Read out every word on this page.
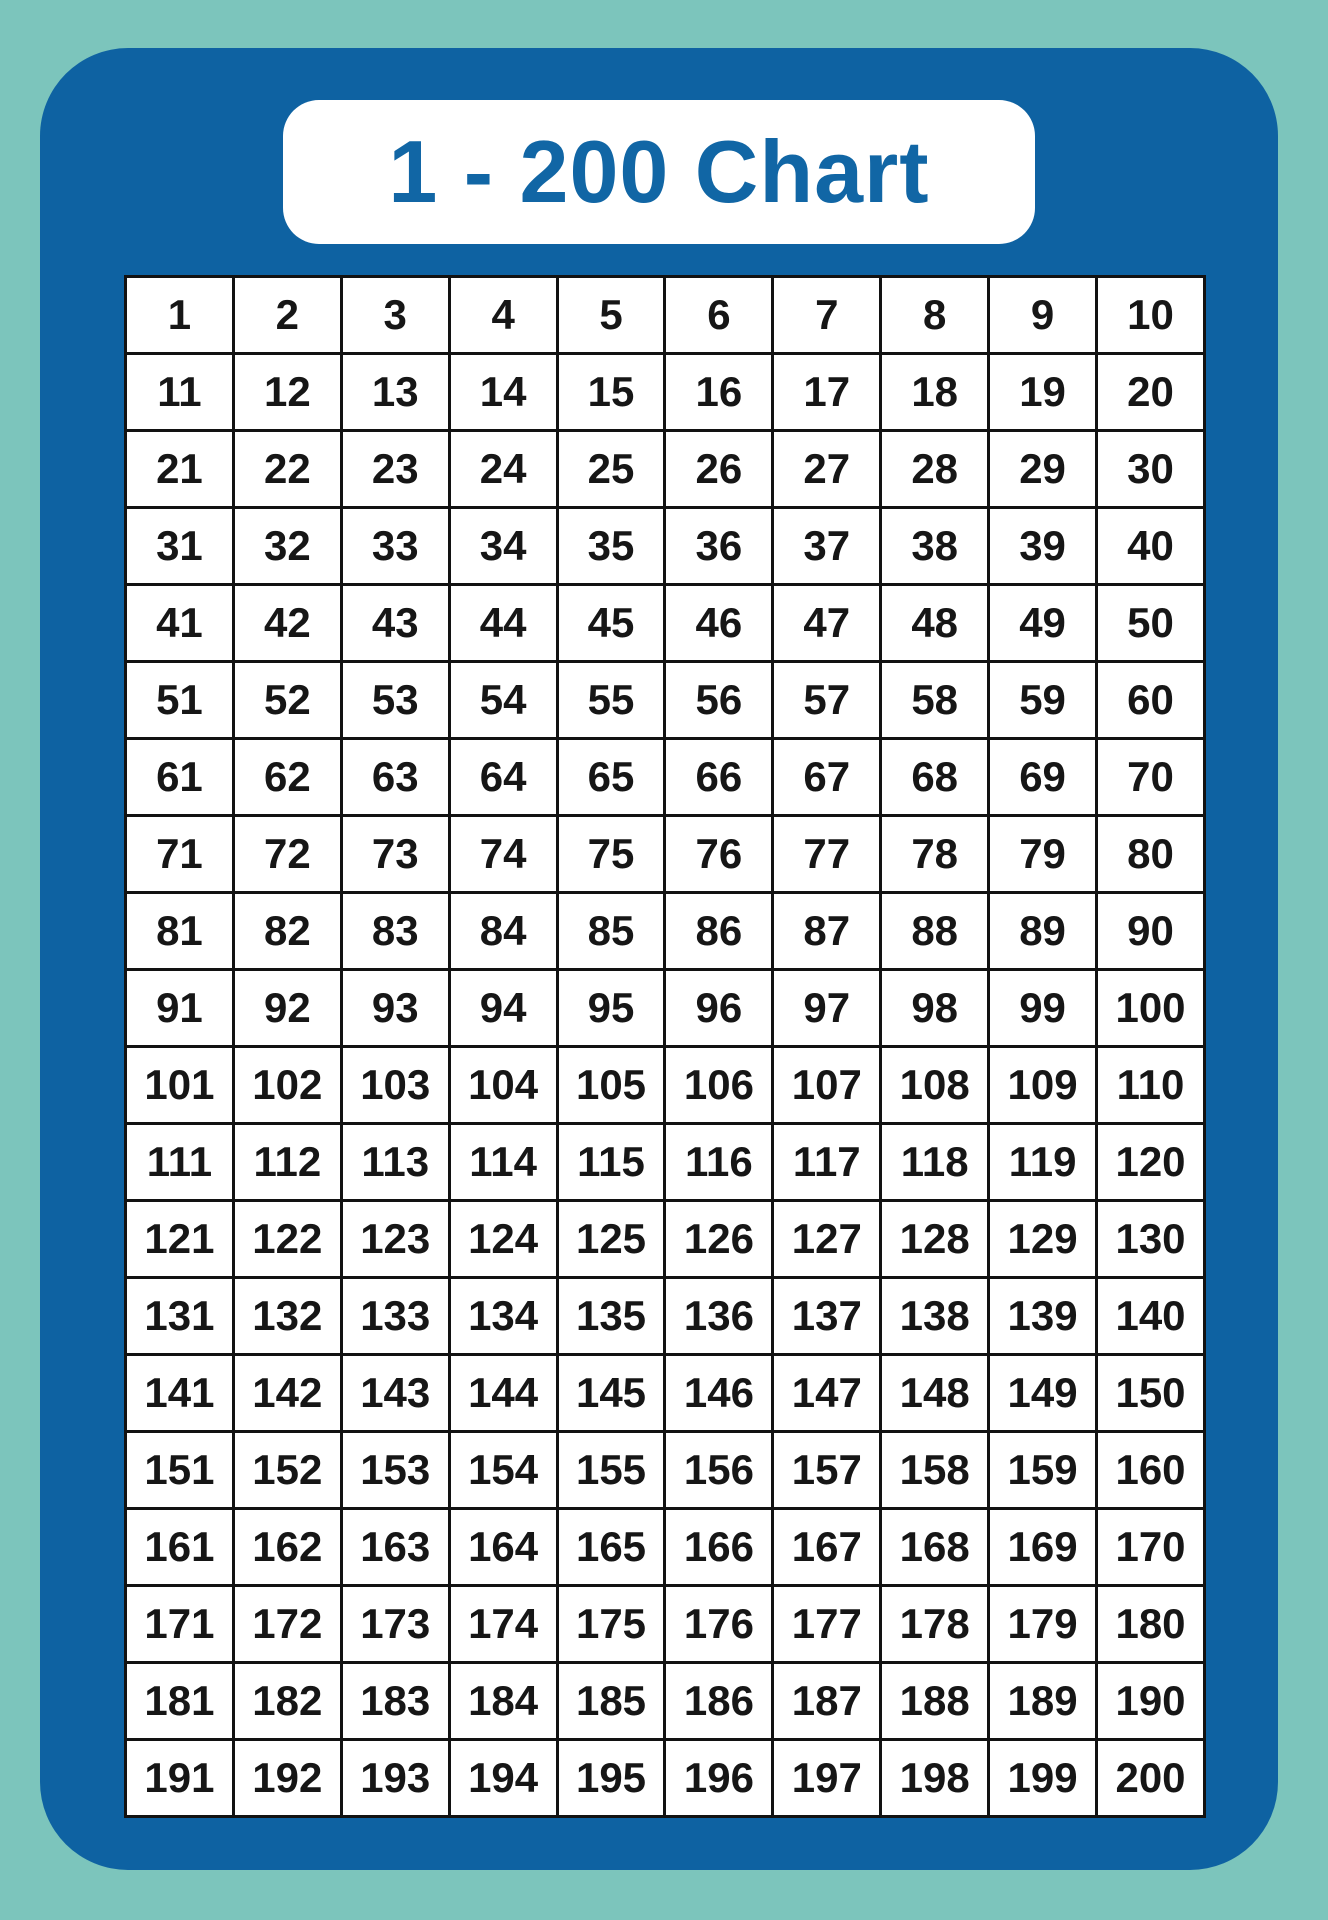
1 - 200 Chart
1	2	3	4	5	6	7	8	9	10
11	12	13	14	15	16	17	18	19	20
21	22	23	24	25	26	27	28	29	30
31	32	33	34	35	36	37	38	39	40
41	42	43	44	45	46	47	48	49	50
51	52	53	54	55	56	57	58	59	60
61	62	63	64	65	66	67	68	69	70
71	72	73	74	75	76	77	78	79	80
81	82	83	84	85	86	87	88	89	90
91	92	93	94	95	96	97	98	99	100
101	102	103	104	105	106	107	108	109	110
111	112	113	114	115	116	117	118	119	120
121	122	123	124	125	126	127	128	129	130
131	132	133	134	135	136	137	138	139	140
141	142	143	144	145	146	147	148	149	150
151	152	153	154	155	156	157	158	159	160
161	162	163	164	165	166	167	168	169	170
171	172	173	174	175	176	177	178	179	180
181	182	183	184	185	186	187	188	189	190
191	192	193	194	195	196	197	198	199	200
